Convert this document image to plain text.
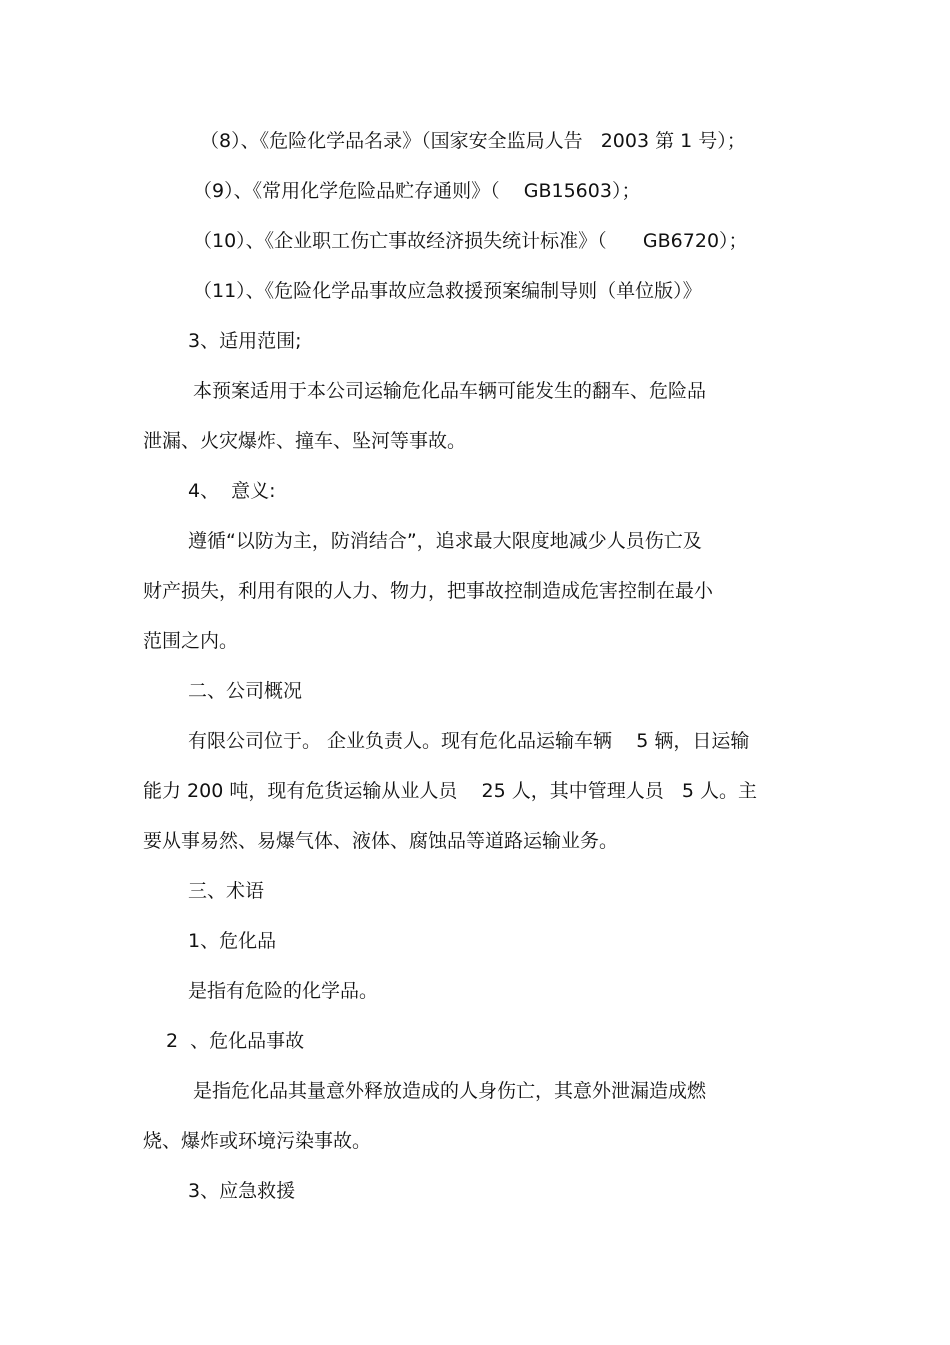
（8）、《危险化学品名录》（国家安全监局人告   2003 第 1 号）；
（9）、《常用化学危险品贮存通则》（    GB15603）；
（10）、《企业职工伤亡事故经济损失统计标准》（      GB6720）；
（11）、《危险化学品事故应急救援预案编制导则（单位版）》
3、适用范围;
本预案适用于本公司运输危化品车辆可能发生的翻车、危险品
泄漏、火灾爆炸、撞车、坠河等事故。
4、  意义:
遵循“以防为主，防消结合”，追求最大限度地减少人员伤亡及
财产损失，利用有限的人力、物力，把事故控制造成危害控制在最小
范围之内。
二、公司概况
有限公司位于。 企业负责人。现有危化品运输车辆    5 辆，日运输
能力 200 吨，现有危货运输从业人员    25 人，其中管理人员   5 人。主
要从事易然、易爆气体、液体、腐蚀品等道路运输业务。
三、术语
1、危化品
是指有危险的化学品。
2  、危化品事故
是指危化品其量意外释放造成的人身伤亡，其意外泄漏造成燃
烧、爆炸或环境污染事故。
3、应急救援
